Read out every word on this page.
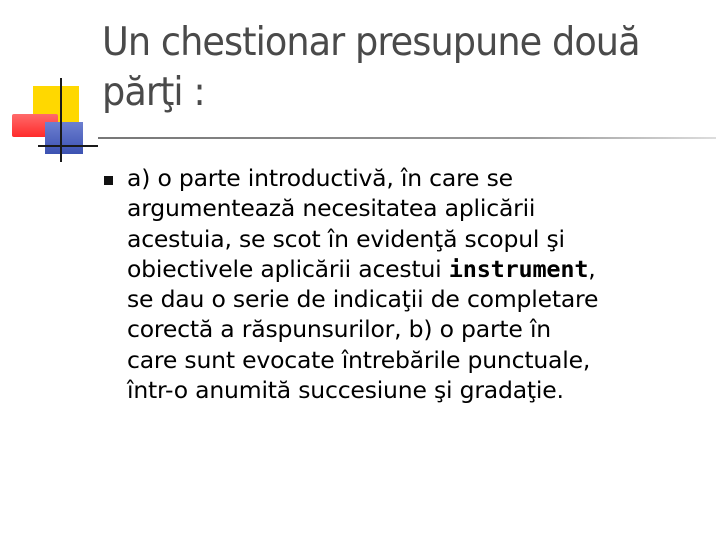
Un chestionar presupune două părţi :
a) o parte introductivă, în care se
argumentează necesitatea aplicării
acestuia, se scot în evidenţă scopul şi
obiectivele aplicării acestui instrument,
se dau o serie de indicaţii de completare
corectă a răspunsurilor, b) o parte în
care sunt evocate întrebările punctuale,
într-o anumită succesiune şi gradaţie.
